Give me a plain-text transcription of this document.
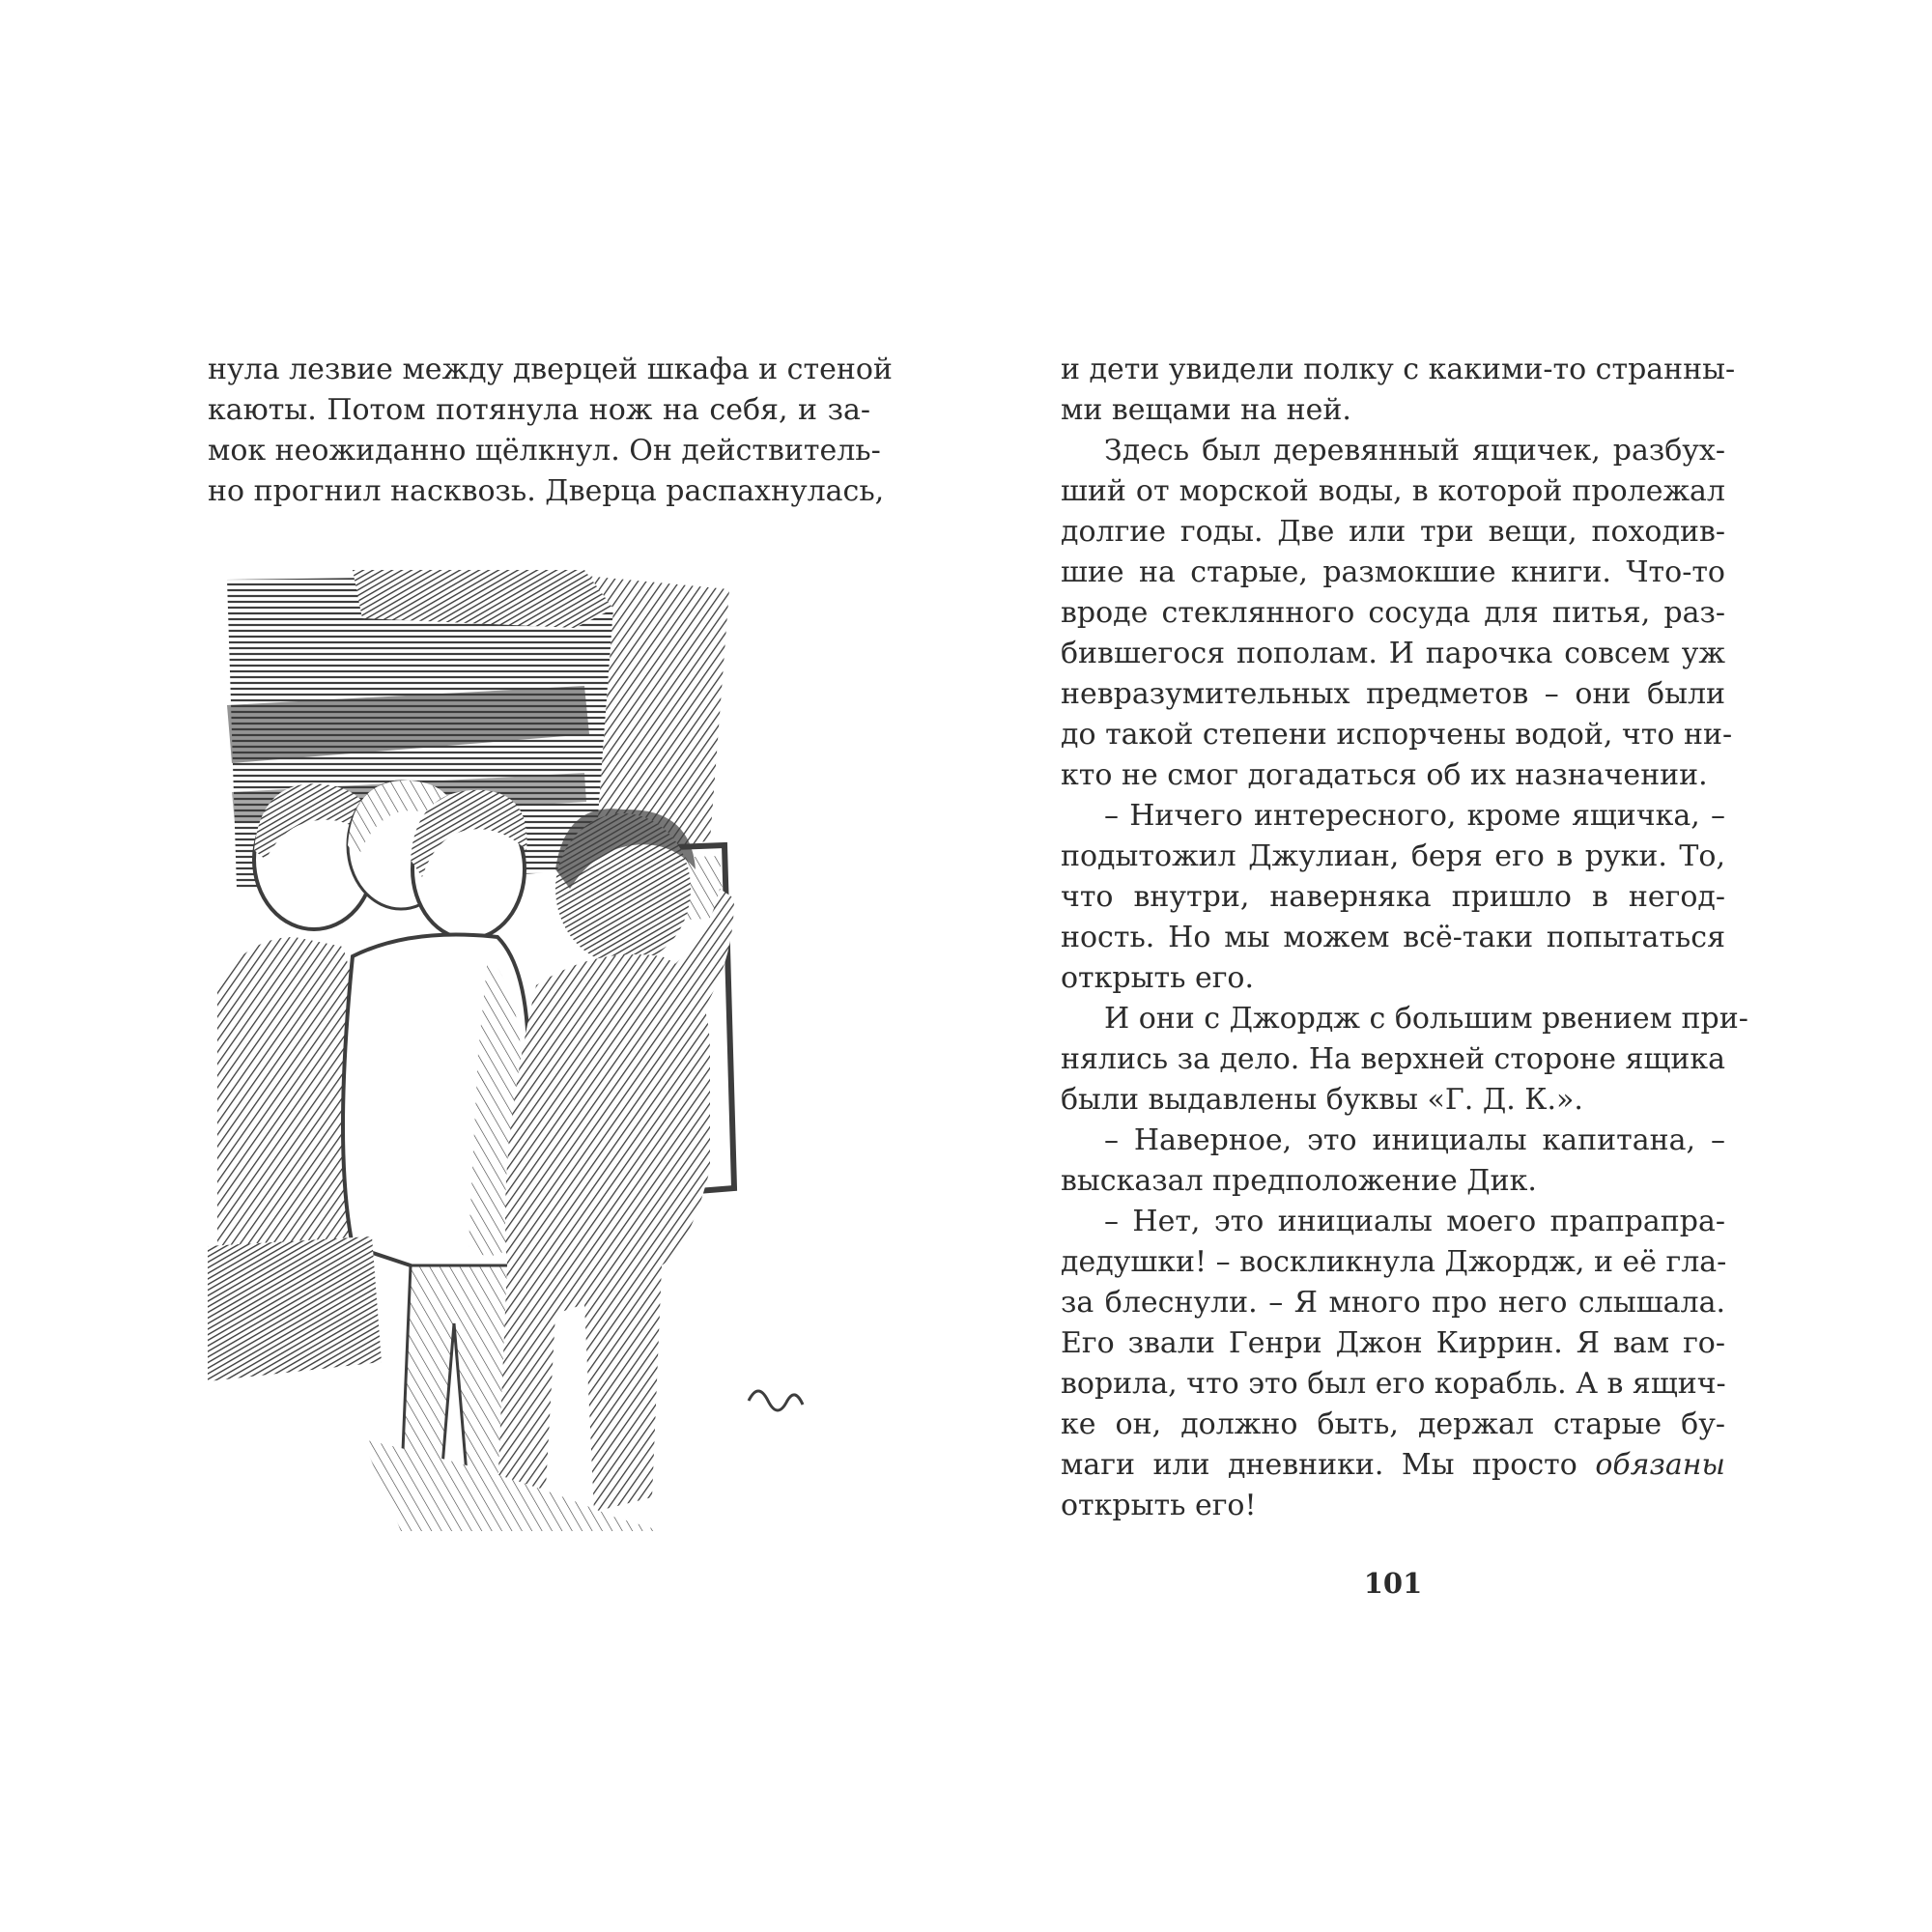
нула лезвие между дверцей шкафа и стеной
каюты. Потом потянула нож на себя, и за-
мок неожиданно щёлкнул. Он действитель-
но прогнил насквозь. Дверца распахнулась,
и дети увидели полку с какими-то странны-
ми вещами на ней.
Здесь был деревянный ящичек, разбух-
ший от морской воды, в которой пролежал
долгие годы. Две или три вещи, походив-
шие на старые, размокшие книги. Что-то
вроде стеклянного сосуда для питья, раз-
бившегося пополам. И парочка совсем уж
невразумительных предметов – они были
до такой степени испорчены водой, что ни-
кто не смог догадаться об их назначении.
– Ничего интересного, кроме ящичка, –
подытожил Джулиан, беря его в руки. То,
что внутри, наверняка пришло в негод-
ность. Но мы можем всё-таки попытаться
открыть его.
И они с Джордж с большим рвением при-
нялись за дело. На верхней стороне ящика
были выдавлены буквы «Г. Д. К.».
– Наверное, это инициалы капитана, –
высказал предположение Дик.
– Нет, это инициалы моего прапрапра-
дедушки! – воскликнула Джордж, и её гла-
за блеснули. – Я много про него слышала.
Его звали Генри Джон Киррин. Я вам го-
ворила, что это был его корабль. А в ящич-
ке он, должно быть, держал старые бу-
маги или дневники. Мы просто обязаны
открыть его!
101
